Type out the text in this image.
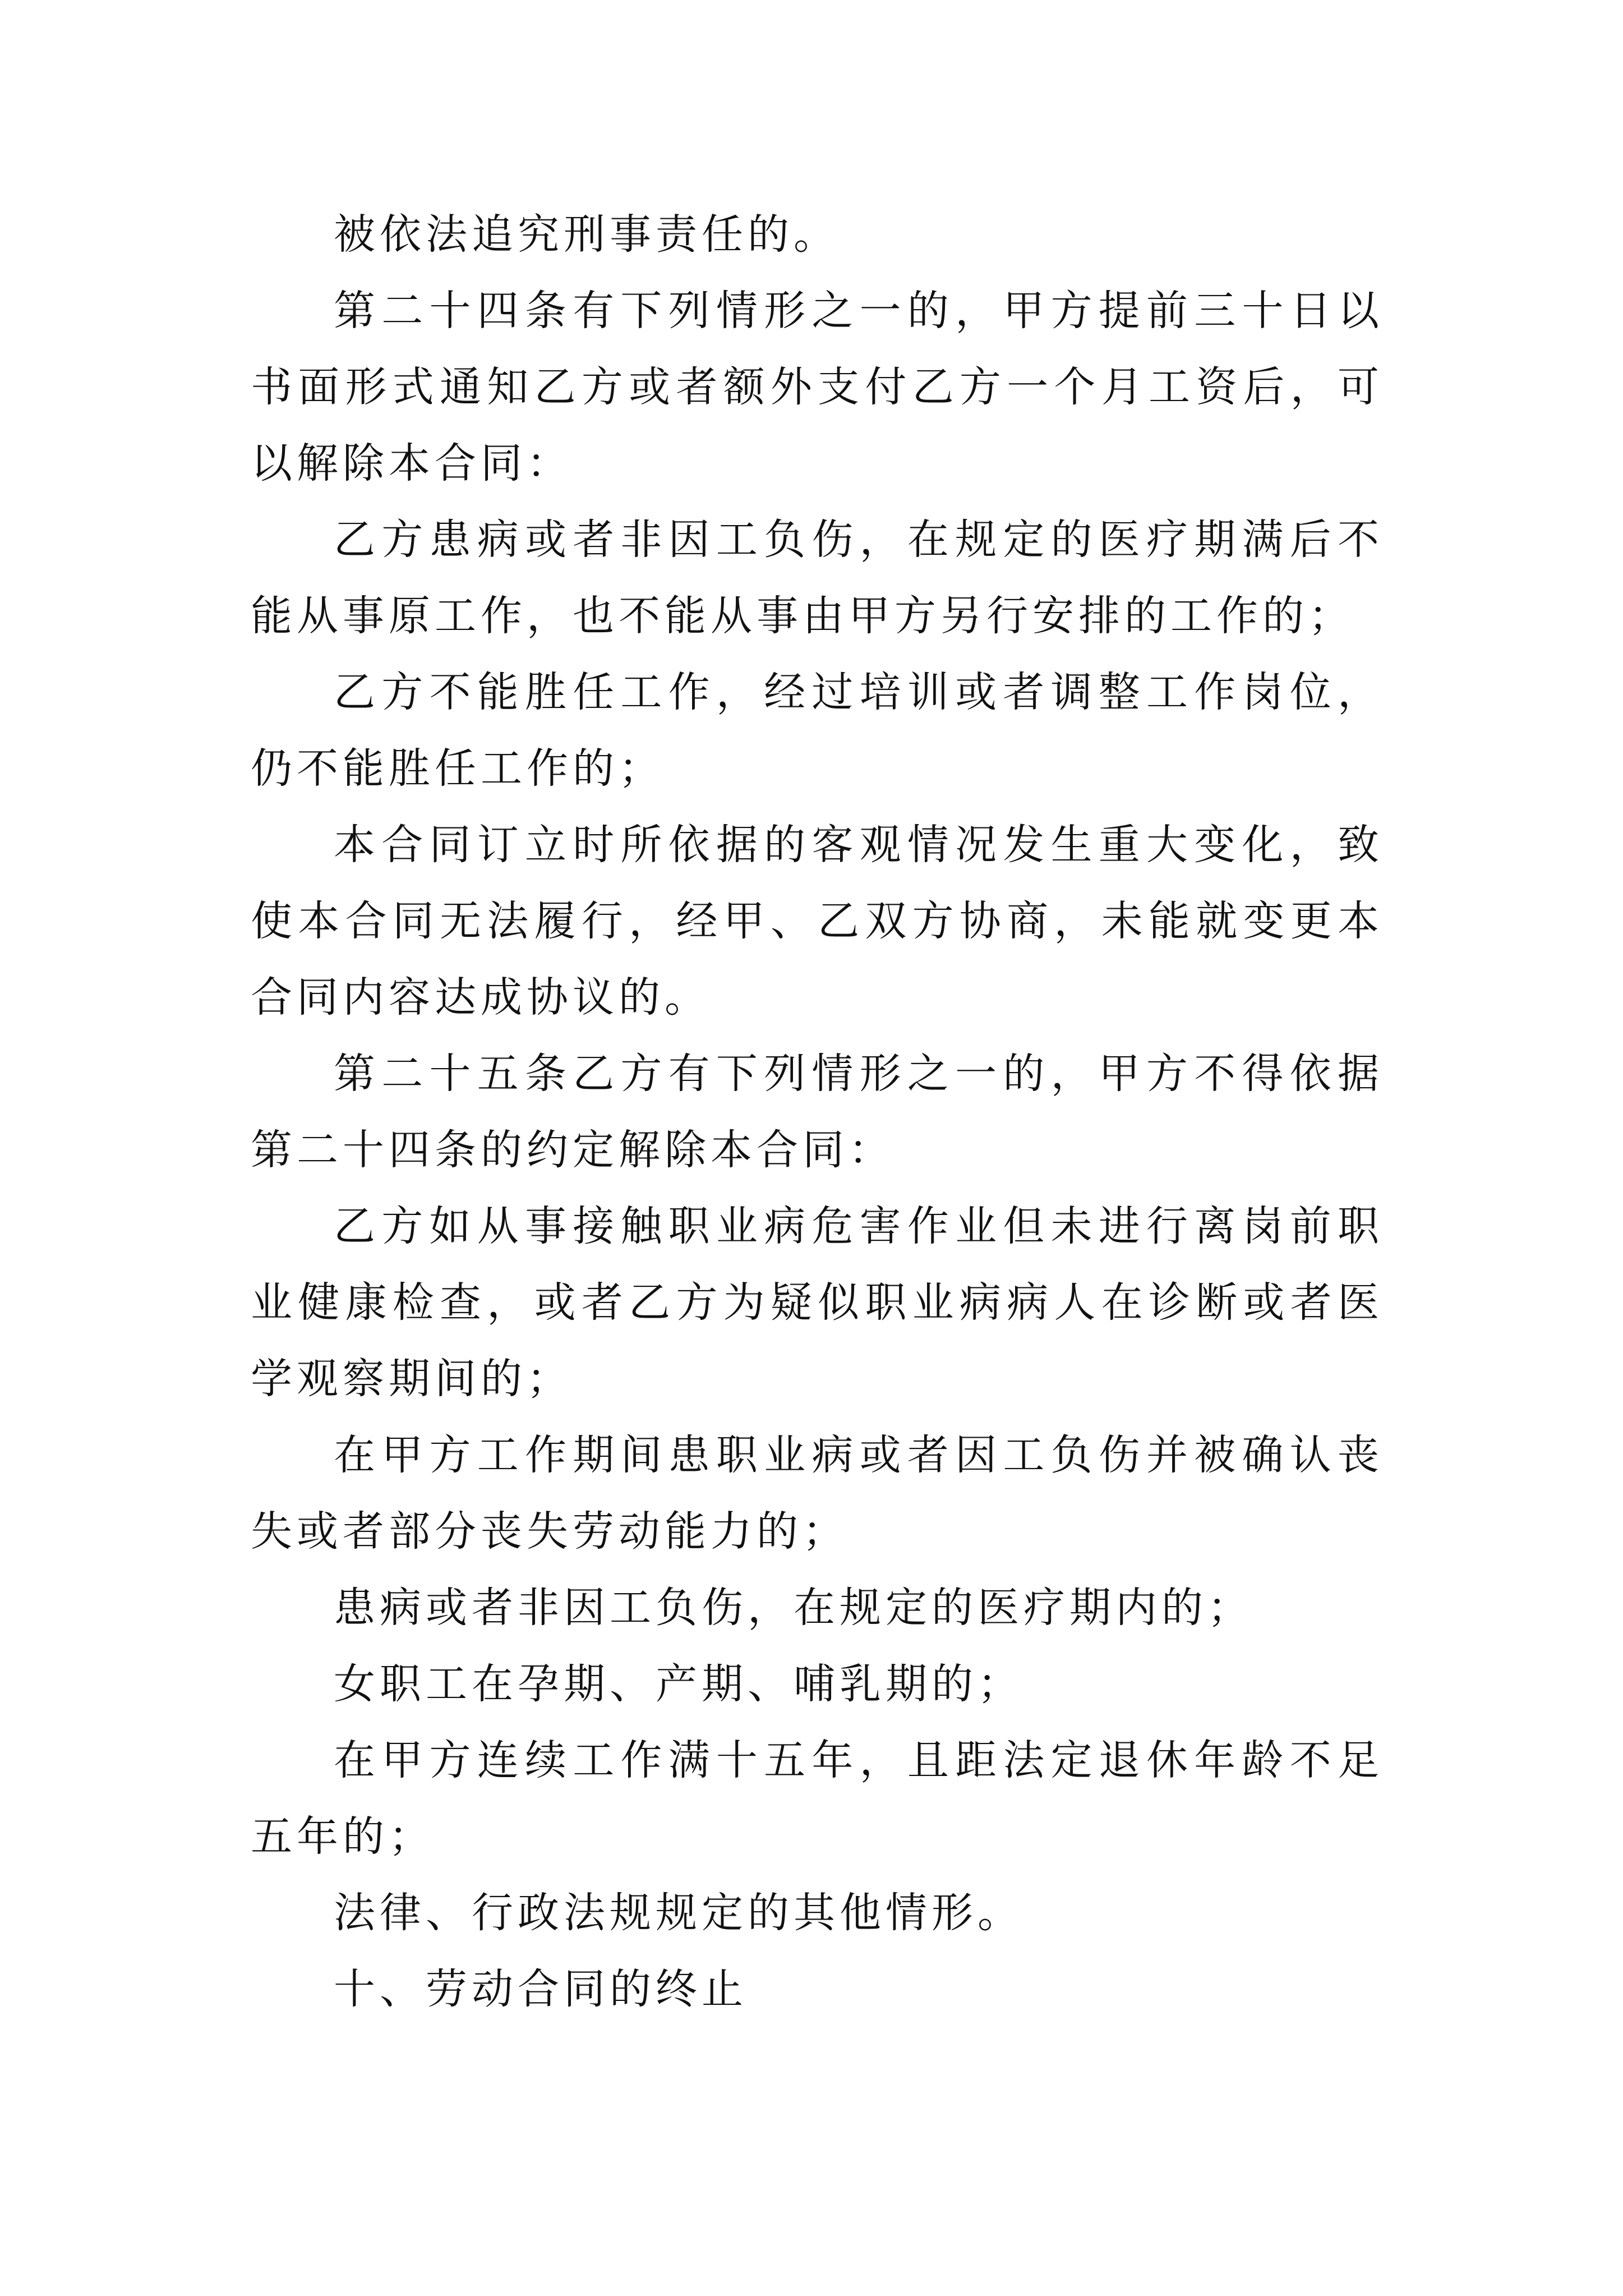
被依法追究刑事责任的。

第二十四条有下列情形之一的，甲方提前三十日以书面形式通知乙方或者额外支付乙方一个月工资后，可以解除本合同：

乙方患病或者非因工负伤，在规定的医疗期满后不能从事原工作，也不能从事由甲方另行安排的工作的；

乙方不能胜任工作，经过培训或者调整工作岗位，仍不能胜任工作的；

本合同订立时所依据的客观情况发生重大变化，致使本合同无法履行，经甲、乙双方协商，未能就变更本合同内容达成协议的。

第二十五条乙方有下列情形之一的，甲方不得依据第二十四条的约定解除本合同：

乙方如从事接触职业病危害作业但未进行离岗前职业健康检查，或者乙方为疑似职业病病人在诊断或者医学观察期间的；

在甲方工作期间患职业病或者因工负伤并被确认丧失或者部分丧失劳动能力的；

患病或者非因工负伤，在规定的医疗期内的；

女职工在孕期、产期、哺乳期的；

在甲方连续工作满十五年，且距法定退休年龄不足五年的；

法律、行政法规规定的其他情形。

十、劳动合同的终止
